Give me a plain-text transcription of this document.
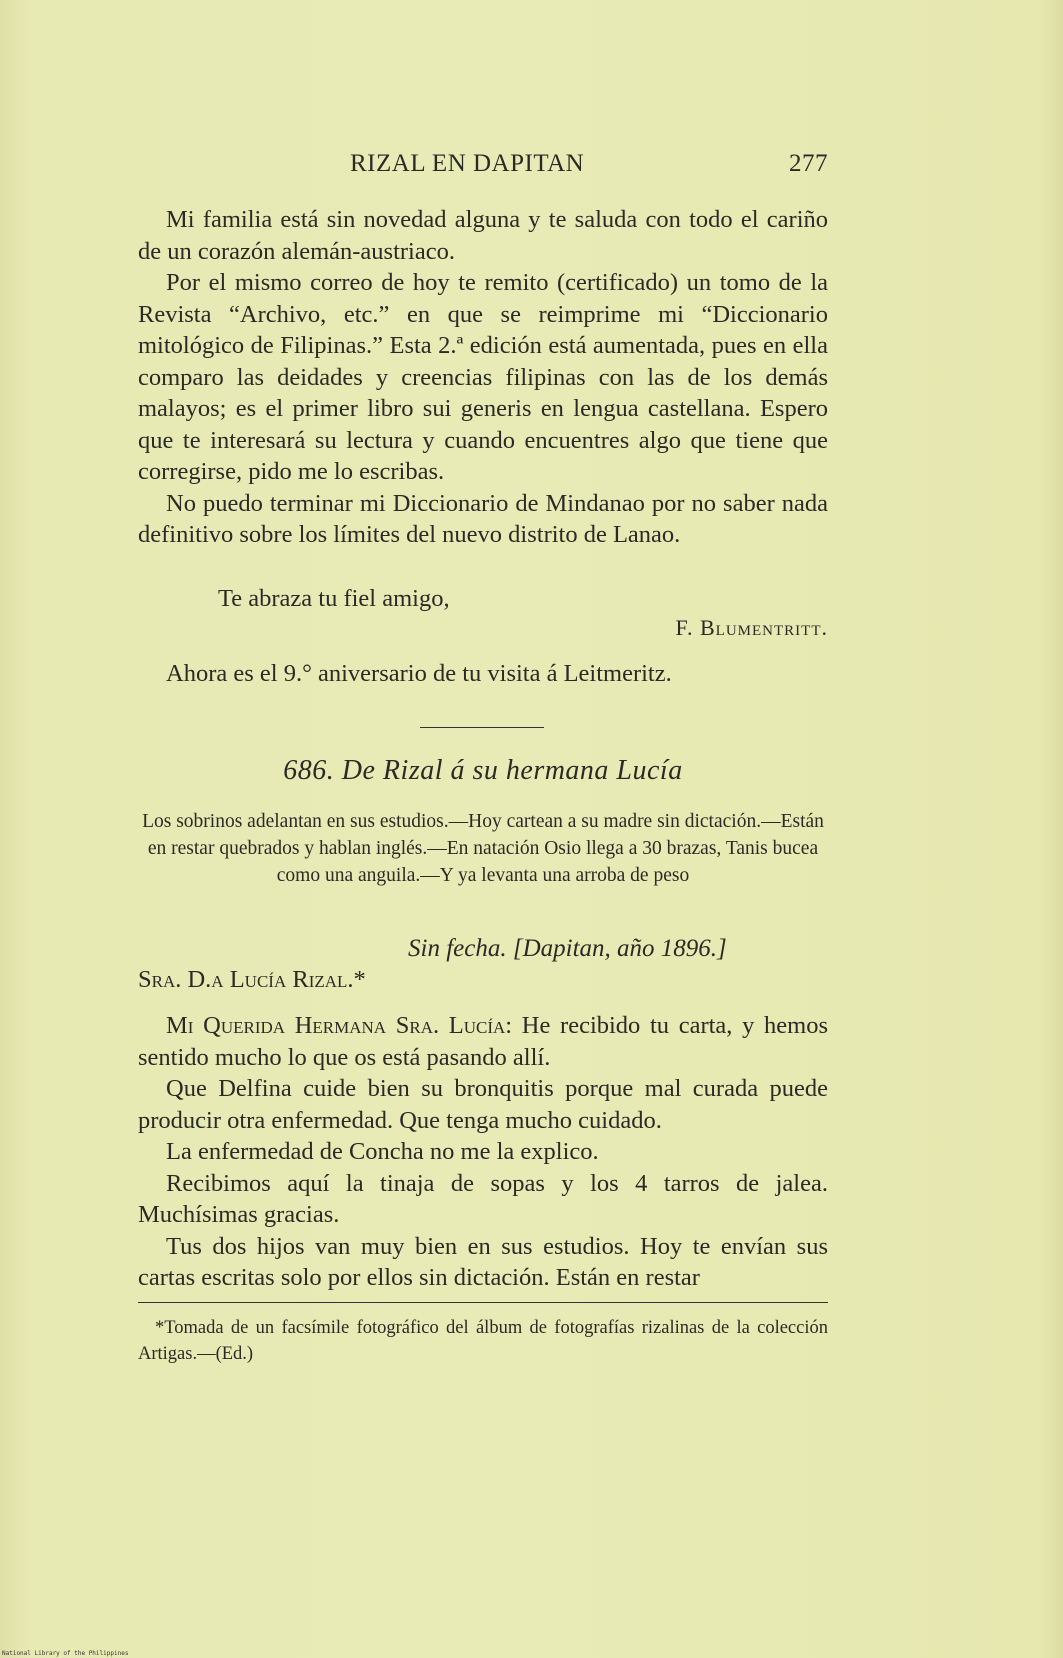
RIZAL EN DAPITAN	277

Mi familia está sin novedad alguna y te saluda con todo el cariño de un corazón alemán-austriaco.

Por el mismo correo de hoy te remito (certificado) un tomo de la Revista “Archivo, etc.” en que se reimprime mi “Diccionario mitológico de Filipinas.” Esta 2.ª edición está aumentada, pues en ella comparo las deidades y creencias filipinas con las de los demás malayos; es el primer libro sui generis en lengua castellana. Espero que te interesará su lectura y cuando encuentres algo que tiene que corregirse, pido me lo escribas.

No puedo terminar mi Diccionario de Mindanao por no saber nada definitivo sobre los límites del nuevo distrito de Lanao.

Te abraza tu fiel amigo,
F. Blumentritt.
Ahora es el 9.° aniversario de tu visita á Leitmeritz.
686. De Rizal á su hermana Lucía
Los sobrinos adelantan en sus estudios.—Hoy cartean a su madre sin dictación.—Están en restar quebrados y hablan inglés.—En natación Osio llega a 30 brazas, Tanis bucea como una anguila.—Y ya levanta una arroba de peso
Sin fecha. [Dapitan, año 1896.]
Sra. D.a Lucía Rizal.*

Mi Querida Hermana Sra. Lucía: He recibido tu carta, y hemos sentido mucho lo que os está pasando allí.

Que Delfina cuide bien su bronquitis porque mal curada puede producir otra enfermedad. Que tenga mucho cuidado.

La enfermedad de Concha no me la explico.

Recibimos aquí la tinaja de sopas y los 4 tarros de jalea. Muchísimas gracias.

Tus dos hijos van muy bien en sus estudios. Hoy te envían sus cartas escritas solo por ellos sin dictación. Están en restar

*Tomada de un facsímile fotográfico del álbum de fotografías rizalinas de la colección Artigas.—(Ed.)
National Library of the Philippines
